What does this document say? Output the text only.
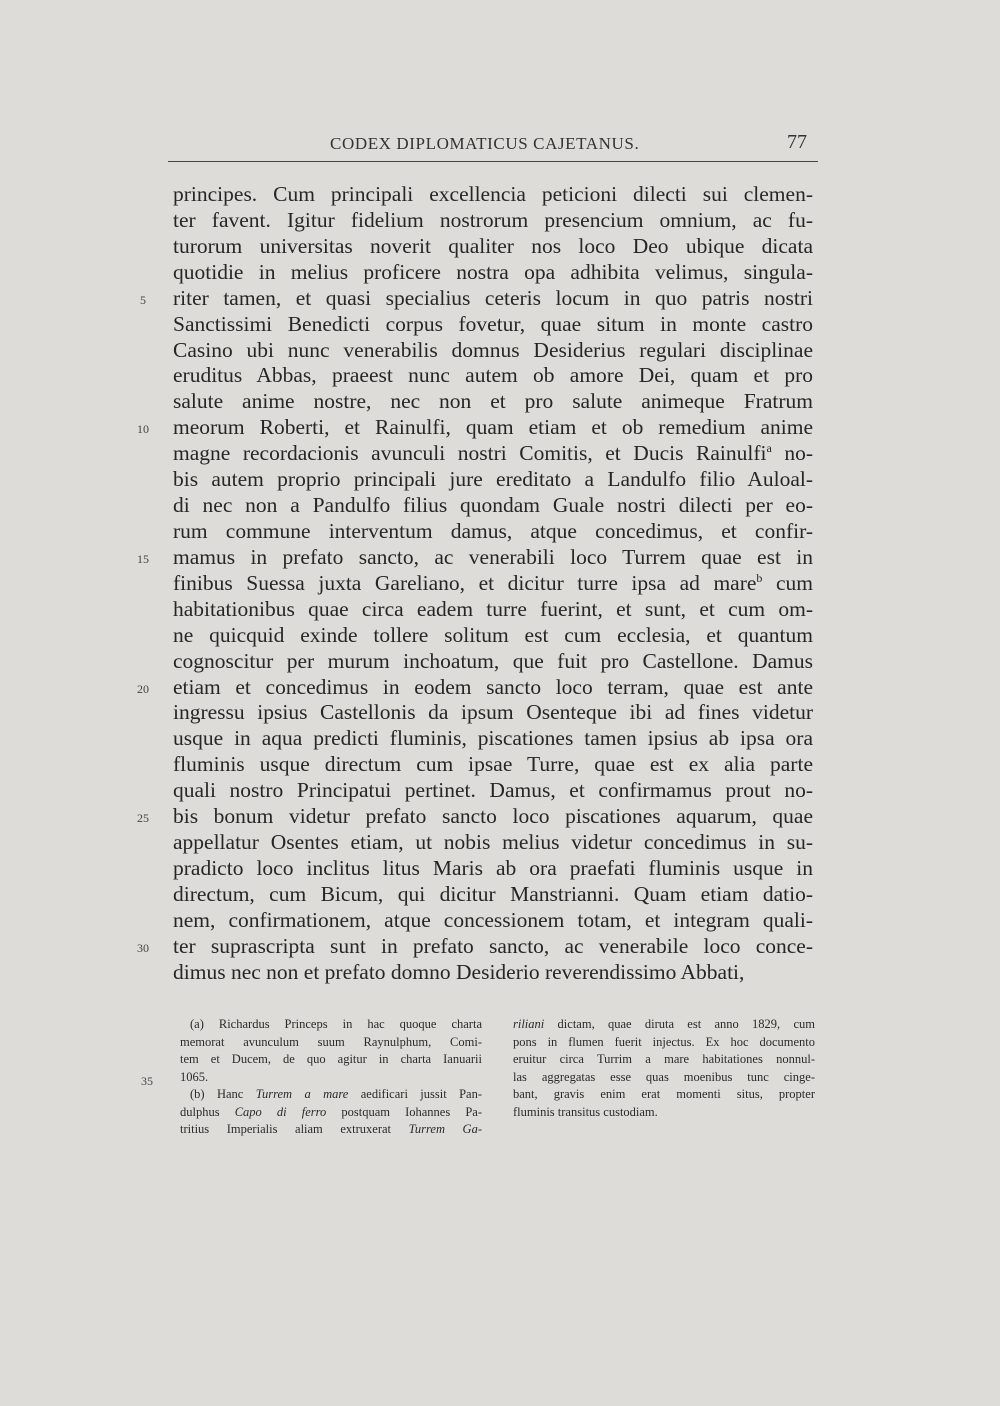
CODEX DIPLOMATICUS CAJETANUS.	77
principes. Cum principali excellencia peticioni dilecti sui clemen-
ter favent. Igitur fidelium nostrorum presencium omnium, ac fu-
turorum universitas noverit qualiter nos loco Deo ubique dicata
quotidie in melius proficere nostra opa adhibita velimus, singula-
5	riter tamen, et quasi specialius ceteris locum in quo patris nostri
Sanctissimi Benedicti corpus fovetur, quae situm in monte castro
Casino ubi nunc venerabilis domnus Desiderius regulari disciplinae
eruditus Abbas, praeest nunc autem ob amore Dei, quam et pro
salute anime nostre, nec non et pro salute animeque Fratrum
10 meorum Roberti, et Rainulfi, quam etiam et ob remedium anime
magne recordacionis avunculi nostri Comitis, et Ducis Rainulfi$^a$ no-
bis autem proprio principali jure ereditato a Landulfo filio Auloal-
di nec non a Pandulfo filius quondam Guale nostri dilecti per eo-
rum commune interventum damus, atque concedimus, et confir-
15 mamus in prefato sancto, ac venerabili loco Turrem quae est in
finibus Suessa juxta Gareliano, et dicitur turre ipsa ad mare$^b$ cum
habitationibus quae circa eadem turre fuerint, et sunt, et cum om-
ne quicquid exinde tollere solitum est cum ecclesia, et quantum
cognoscitur per murum inchoatum, que fuit pro Castellone. Damus
20 etiam et concedimus in eodem sancto loco terram, quae est ante
ingressu ipsius Castellonis da ipsum Osenteque ibi ad fines videtur
usque in aqua predicti fluminis, piscationes tamen ipsius ab ipsa ora
fluminis usque directum cum ipsae Turre, quae est ex alia parte
quali nostro Principatui pertinet. Damus, et confirmamus prout no-
25 bis bonum videtur prefato sancto loco piscationes aquarum, quae
appellatur Osentes etiam, ut nobis melius videtur concedimus in su-
pradicto loco inclitus litus Maris ab ora praefati fluminis usque in
directum, cum Bicum, qui dicitur Manstrianni. Quam etiam datio-
nem, confirmationem, atque concessionem totam, et integram quali-
30 ter suprascripta sunt in prefato sancto, ac venerabile loco conce-
dimus nec non et prefato domno Desiderio reverendissimo Abbati,
35
(a) Richardus Princeps in hac quoque charta
memorat avunculum suum Raynulphum, Comi-
tem et Ducem, de quo agitur in charta Ianuarii
1065.
(b) Hanc Turrem a mare aedificari jussit Pan-
dulphus Capo di ferro postquam Iohannes Pa-
tritius Imperialis aliam extruxerat Turrem Ga-
riliani dictam, quae diruta est anno 1829, cum
pons in flumen fuerit injectus. Ex hoc documento
eruitur circa Turrim a mare habitationes nonnul-
las aggregatas esse quas moenibus tunc cinge-
bant, gravis enim erat momenti situs, propter
fluminis transitus custodiam.
